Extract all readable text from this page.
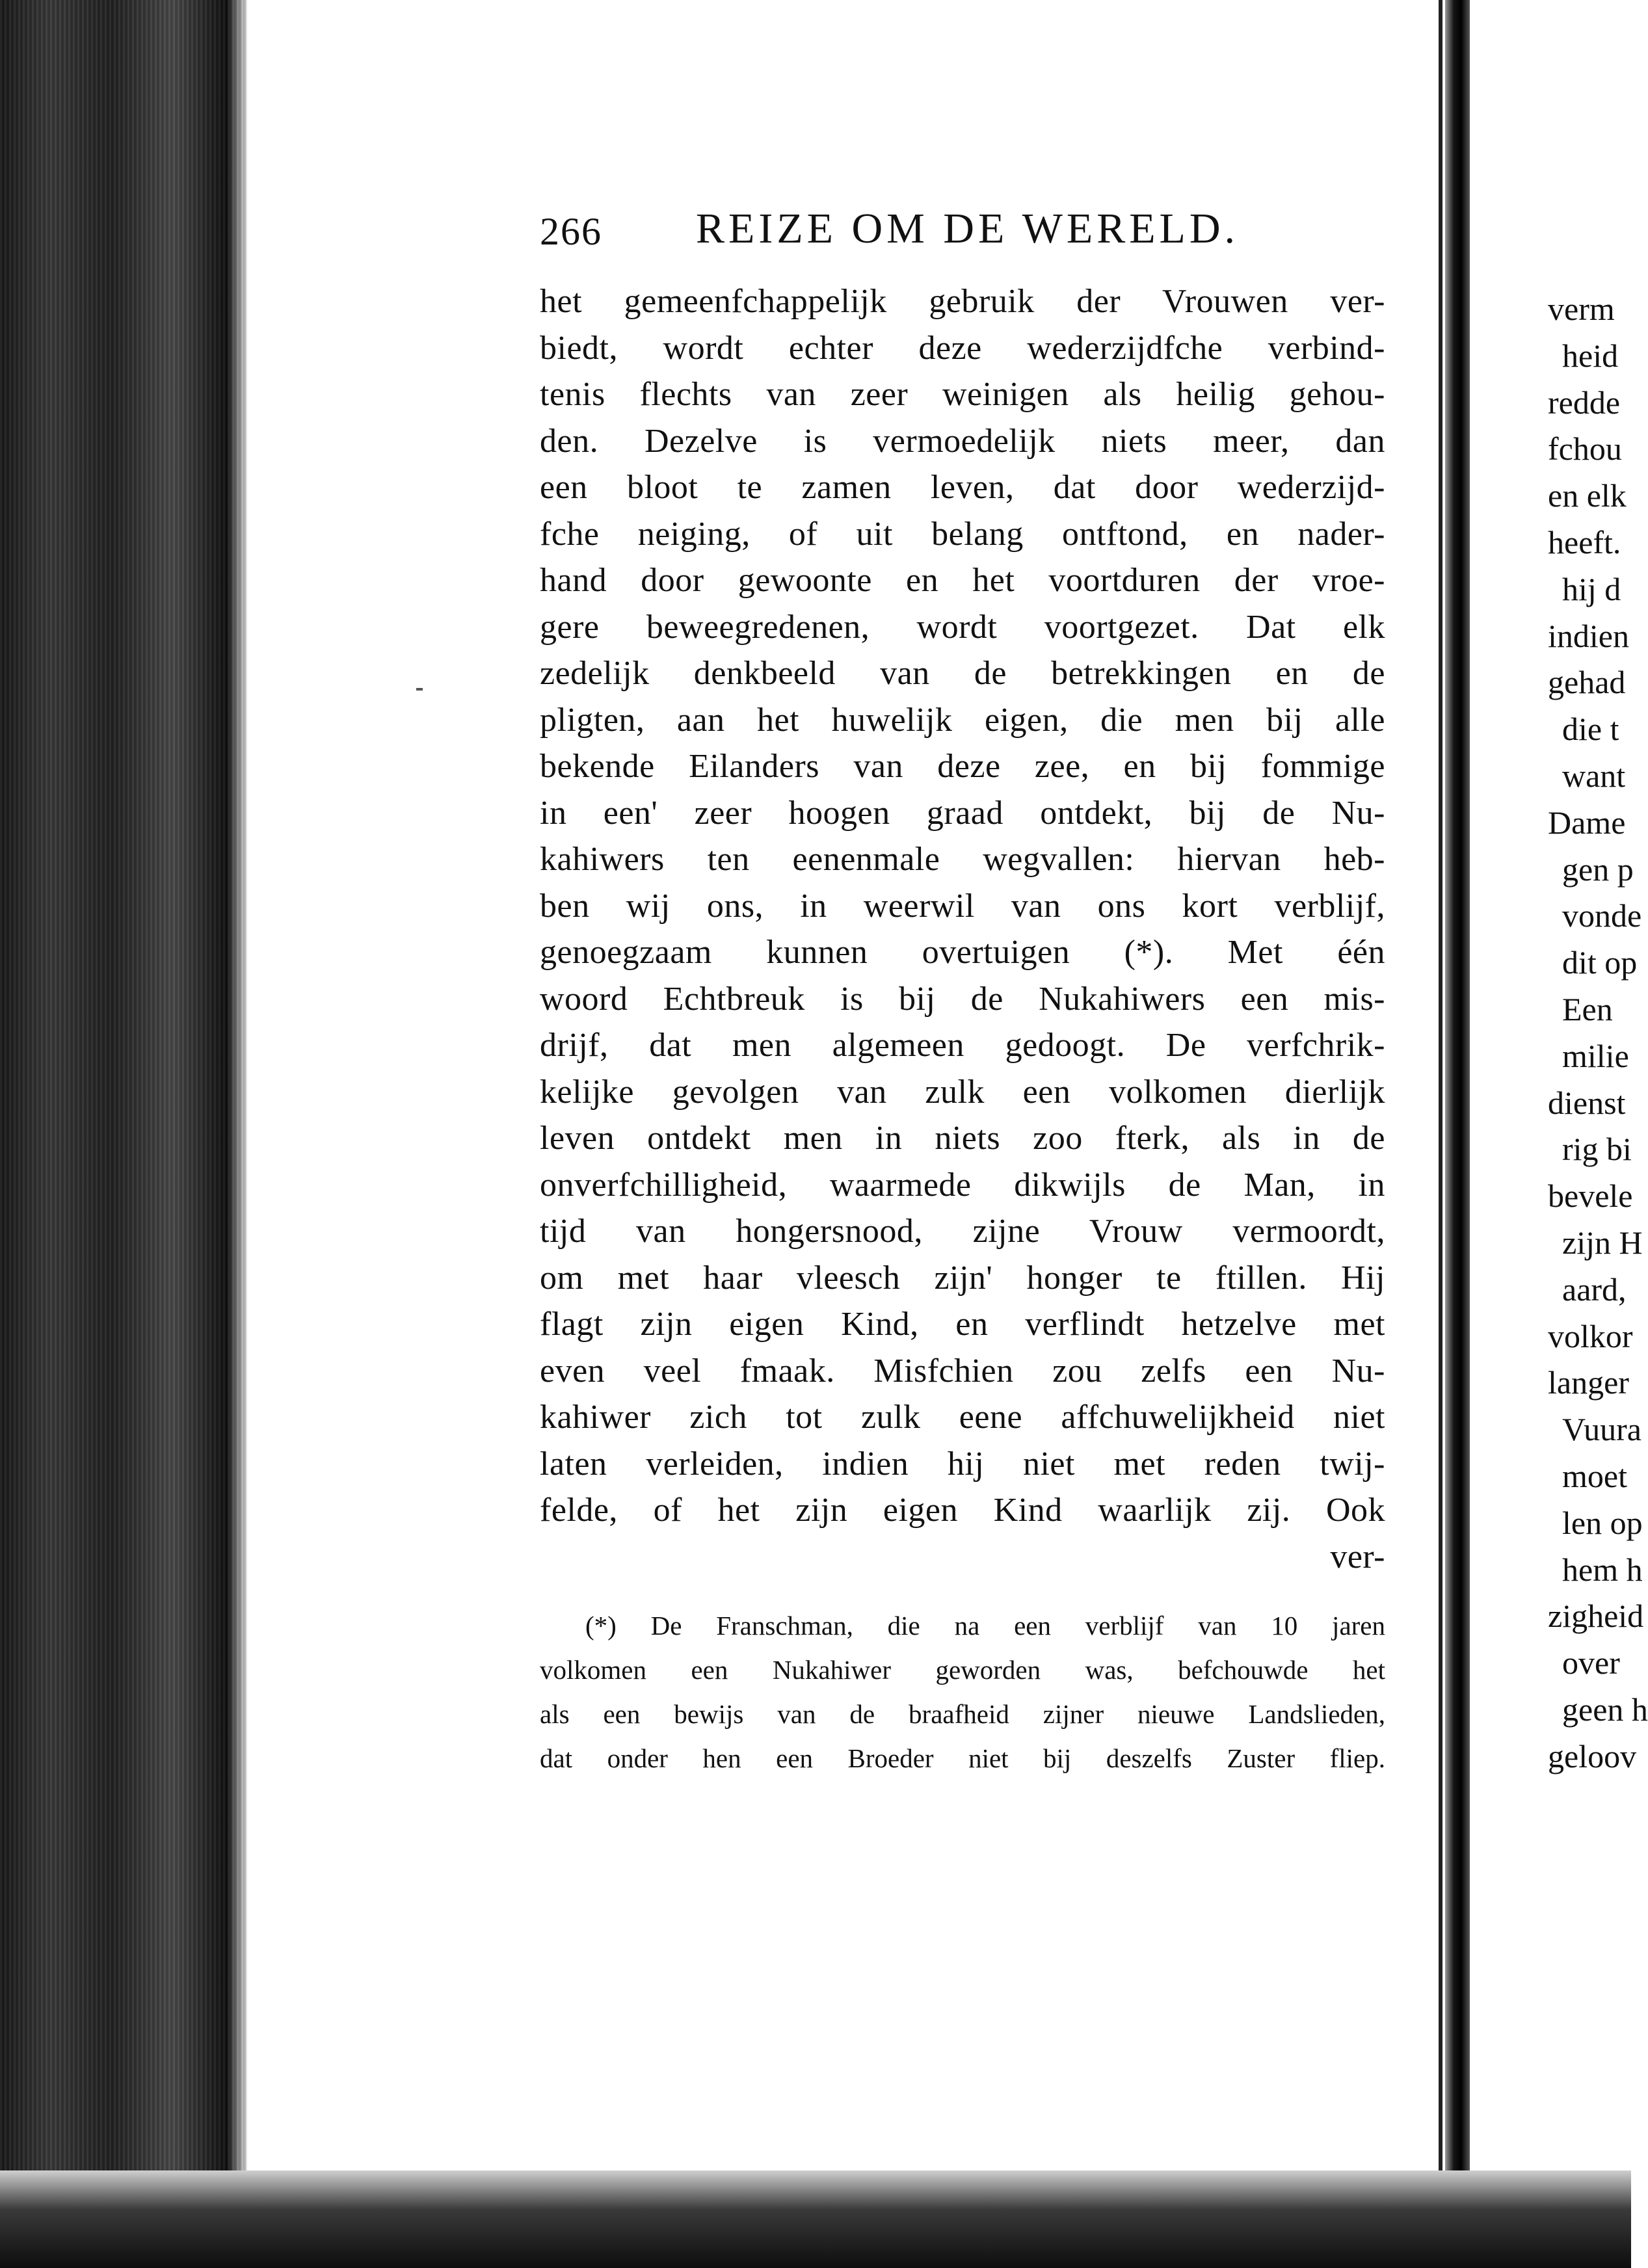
266 REIZE OM DE WERELD.
het gemeenfchappelijk gebruik der Vrouwen ver-
biedt, wordt echter deze wederzijdfche verbind-
tenis flechts van zeer weinigen als heilig gehou-
den. Dezelve is vermoedelijk niets meer, dan
een bloot te zamen leven, dat door wederzijd-
fche neiging, of uit belang ontftond, en nader-
hand door gewoonte en het voortduren der vroe-
gere beweegredenen, wordt voortgezet. Dat elk
zedelijk denkbeeld van de betrekkingen en de
pligten, aan het huwelijk eigen, die men bij alle
bekende Eilanders van deze zee, en bij fommige
in een' zeer hoogen graad ontdekt, bij de Nu-
kahiwers ten eenenmale wegvallen: hiervan heb-
ben wij ons, in weerwil van ons kort verblijf,
genoegzaam kunnen overtuigen (*). Met één
woord Echtbreuk is bij de Nukahiwers een mis-
drijf, dat men algemeen gedoogt. De verfchrik-
kelijke gevolgen van zulk een volkomen dierlijk
leven ontdekt men in niets zoo fterk, als in de
onverfchilligheid, waarmede dikwijls de Man, in
tijd van hongersnood, zijne Vrouw vermoordt,
om met haar vleesch zijn' honger te ftillen. Hij
flagt zijn eigen Kind, en verflindt hetzelve met
even veel fmaak. Misfchien zou zelfs een Nu-
kahiwer zich tot zulk eene affchuwelijkheid niet
laten verleiden, indien hij niet met reden twij-
felde, of het zijn eigen Kind waarlijk zij. Ook
ver-
(*) De Franschman, die na een verblijf van 10 jaren
volkomen een Nukahiwer geworden was, befchouwde het
als een bewijs van de braafheid zijner nieuwe Landslieden,
dat onder hen een Broeder niet bij deszelfs Zuster fliep.
verm
heid
redde
fchou
en elk
heeft.
hij d
indien
gehad
die t
want
Dame
gen p
vonde
dit op
Een
milie
dienst
rig bi
bevele
zijn H
aard,
volkor
langer
Vuura
moet
len op
hem h
zigheid
over
geen h
geloov
